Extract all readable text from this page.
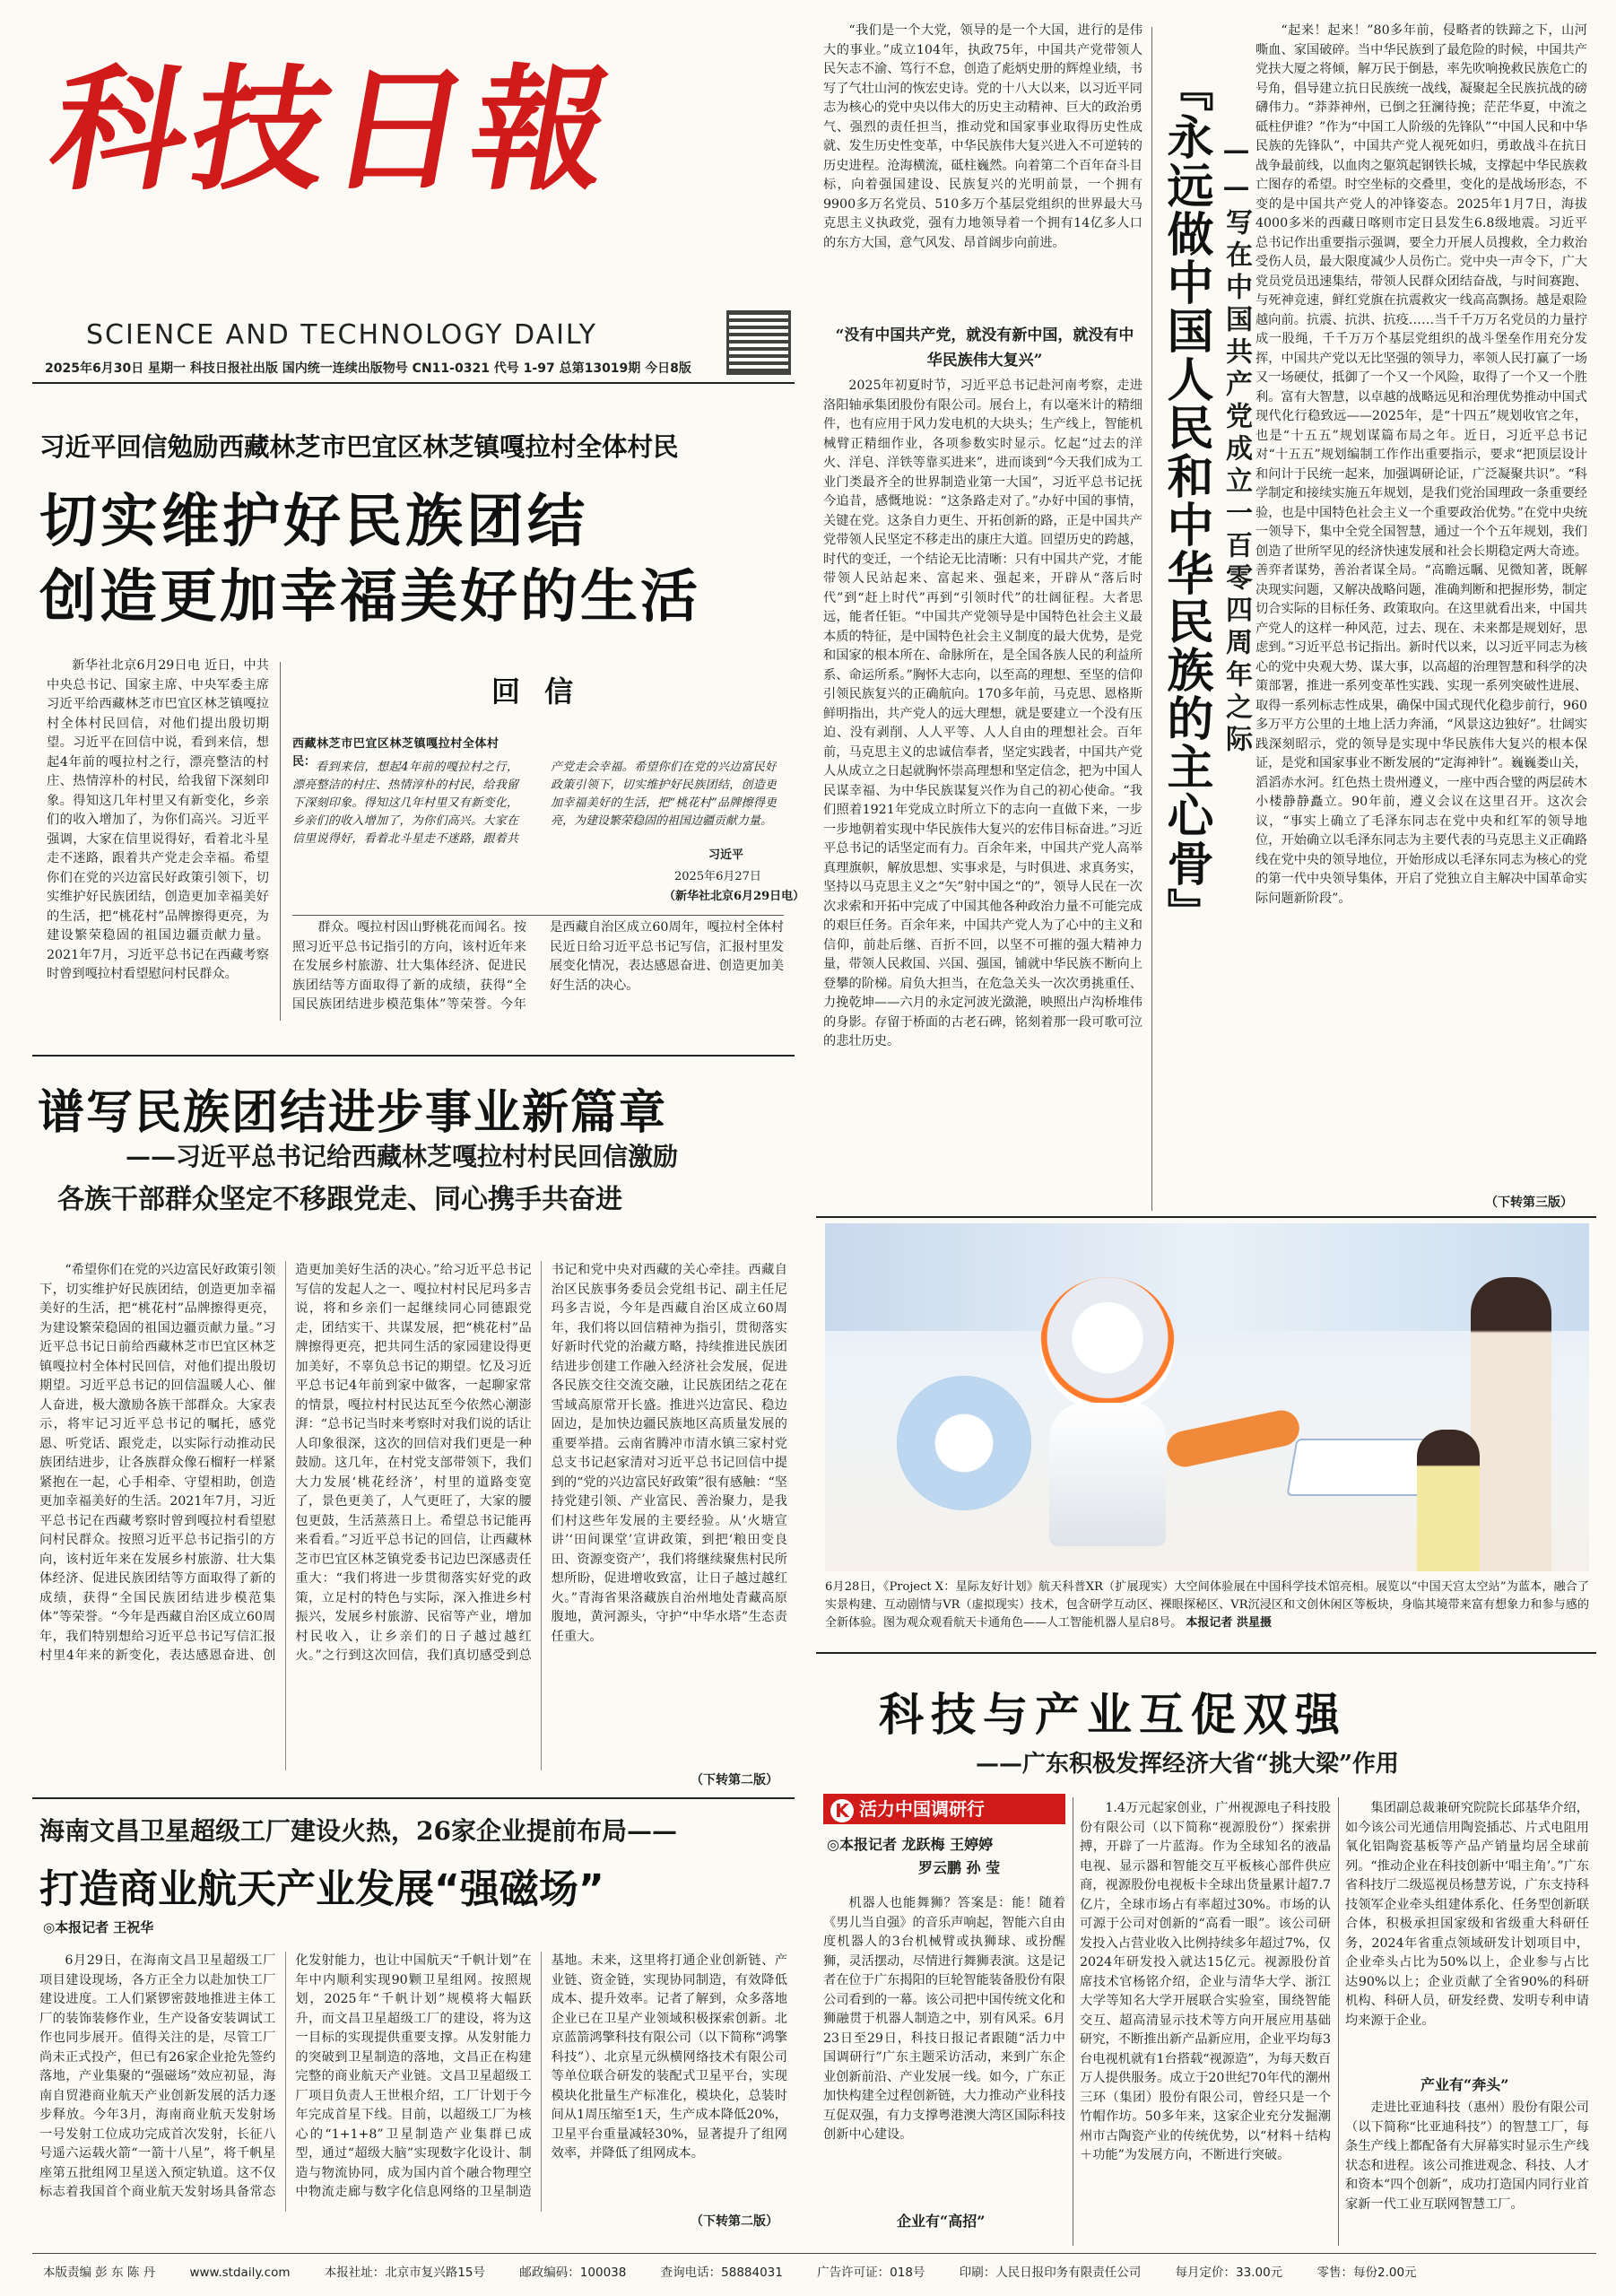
科技日報
SCIENCE AND TECHNOLOGY DAILY
2025年6月30日 星期一 科技日报社出版 国内统一连续出版物号 CN11-0321 代号 1-97 总第13019期 今日8版
习近平回信勉励西藏林芝市巴宜区林芝镇嘎拉村全体村民
切实维护好民族团结
创造更加幸福美好的生活

新华社北京6月29日电 近日，中共中央总书记、国家主席、中央军委主席习近平给西藏林芝市巴宜区林芝镇嘎拉村全体村民回信，对他们提出殷切期望。习近平在回信中说，看到来信，想起4年前的嘎拉村之行，漂亮整洁的村庄、热情淳朴的村民，给我留下深刻印象。得知这几年村里又有新变化，乡亲们的收入增加了，为你们高兴。习近平强调，大家在信里说得好，看着北斗星走不迷路，跟着共产党走会幸福。希望你们在党的兴边富民好政策引领下，切实维护好民族团结，创造更加幸福美好的生活，把“桃花村”品牌擦得更亮，为建设繁荣稳固的祖国边疆贡献力量。2021年7月，习近平总书记在西藏考察时曾到嘎拉村看望慰问村民群众。

回 信
西藏林芝市巴宜区林芝镇嘎拉村全体村民： 看到来信，想起4年前的嘎拉村之行，漂亮整洁的村庄、热情淳朴的村民，给我留下深刻印象。得知这几年村里又有新变化，乡亲们的收入增加了，为你们高兴。大家在信里说得好，看着北斗星走不迷路，跟着共产党走会幸福。希望你们在党的兴边富民好政策引领下，切实维护好民族团结，创造更加幸福美好的生活，把“桃花村”品牌擦得更亮，为建设繁荣稳固的祖国边疆贡献力量。
习近平
2025年6月27日
（新华社北京6月29日电）

群众。嘎拉村因山野桃花而闻名。按照习近平总书记指引的方向，该村近年来在发展乡村旅游、壮大集体经济、促进民族团结等方面取得了新的成绩，获得“全国民族团结进步模范集体”等荣誉。今年是西藏自治区成立60周年，嘎拉村全体村民近日给习近平总书记写信，汇报村里发展变化情况，表达感恩奋进、创造更加美好生活的决心。

谱写民族团结进步事业新篇章
——习近平总书记给西藏林芝嘎拉村村民回信激励
各族干部群众坚定不移跟党走、同心携手共奋进

“希望你们在党的兴边富民好政策引领下，切实维护好民族团结，创造更加幸福美好的生活，把“桃花村”品牌擦得更亮，为建设繁荣稳固的祖国边疆贡献力量。”习近平总书记日前给西藏林芝市巴宜区林芝镇嘎拉村全体村民回信，对他们提出殷切期望。习近平总书记的回信温暖人心、催人奋进，极大激励各族干部群众。大家表示，将牢记习近平总书记的嘱托，感党恩、听党话、跟党走，以实际行动推动民族团结进步，让各族群众像石榴籽一样紧紧抱在一起，心手相牵、守望相助，创造更加幸福美好的生活。2021年7月，习近平总书记在西藏考察时曾到嘎拉村看望慰问村民群众。按照习近平总书记指引的方向，该村近年来在发展乡村旅游、壮大集体经济、促进民族团结等方面取得了新的成绩，获得“全国民族团结进步模范集体”等荣誉。“今年是西藏自治区成立60周年，我们特别想给习近平总书记写信汇报村里4年来的新变化，表达感恩奋进、创造更加美好生活的决心。”给习近平总书记写信的发起人之一、嘎拉村村民尼玛多吉说，将和乡亲们一起继续同心同德跟党走，团结实干、共谋发展，把“桃花村”品牌擦得更亮，把共同生活的家园建设得更加美好，不辜负总书记的期望。忆及习近平总书记4年前到家中做客，一起聊家常的情景，嘎拉村村民达瓦至今依然心潮澎湃：“总书记当时来考察时对我们说的话让人印象很深，这次的回信对我们更是一种鼓励。这几年，在村党支部带领下，我们大力发展‘桃花经济’，村里的道路变宽了，景色更美了，人气更旺了，大家的腰包更鼓，生活蒸蒸日上。希望总书记能再来看看。”习近平总书记的回信，让西藏林芝市巴宜区林芝镇党委书记边巴深感责任重大：“我们将进一步贯彻落实好党的政策，立足村的特色与实际，深入推进乡村振兴，发展乡村旅游、民宿等产业，增加村民收入，让乡亲们的日子越过越红火。”之行到这次回信，我们真切感受到总书记和党中央对西藏的关心牵挂。西藏自治区民族事务委员会党组书记、副主任尼玛多吉说，今年是西藏自治区成立60周年，我们将以回信精神为指引，贯彻落实好新时代党的治藏方略，持续推进民族团结进步创建工作融入经济社会发展，促进各民族交往交流交融，让民族团结之花在雪域高原常开长盛。推进兴边富民、稳边固边，是加快边疆民族地区高质量发展的重要举措。云南省腾冲市清水镇三家村党总支书记赵家清对习近平总书记回信中提到的“党的兴边富民好政策”很有感触：“坚持党建引领、产业富民、善治聚力，是我们村这些年发展的主要经验。从‘火塘宣讲’‘田间课堂’宣讲政策，到把‘粮田变良田、资源变资产’，我们将继续聚焦村民所想所盼，促进增收致富，让日子越过越红火。”青海省果洛藏族自治州地处青藏高原腹地，黄河源头，守护“中华水塔”生态责任重大。

（下转第二版）
海南文昌卫星超级工厂建设火热，26家企业提前布局——
打造商业航天产业发展“强磁场”
◎本报记者 王祝华

6月29日，在海南文昌卫星超级工厂项目建设现场，各方正全力以赴加快工厂建设进度。工人们紧锣密鼓地推进主体工厂的装饰装修作业，生产设备安装调试工作也同步展开。值得关注的是，尽管工厂尚未正式投产，但已有26家企业抢先签约落地，产业集聚的“强磁场”效应初显，海南自贸港商业航天产业创新发展的活力逐步释放。今年3月，海南商业航天发射场一号发射工位成功完成首次发射，长征八号遥六运载火箭“一箭十八星”，将千帆星座第五批组网卫星送入预定轨道。这不仅标志着我国首个商业航天发射场具备常态化发射能力，也让中国航天“千帆计划”在年中内顺利实现90颗卫星组网。按照规划，2025年“千帆计划”规模将大幅跃升，而文昌卫星超级工厂的建设，将为这一目标的实现提供重要支撑。从发射能力的突破到卫星制造的落地，文昌正在构建完整的商业航天产业链。文昌卫星超级工厂项目负责人王世根介绍，工厂计划于今年完成首星下线。目前，以超级工厂为核心的“1+1+8”卫星制造产业集群已成型，通过“超级大脑”实现数字化设计、制造与物流协同，成为国内首个融合物理空中物流走廊与数字化信息网络的卫星制造基地。未来，这里将打通企业创新链、产业链、资金链，实现协同制造，有效降低成本、提升效率。记者了解到，众多落地企业已在卫星产业领域积极探索创新。北京蓝箭鸿擎科技有限公司（以下简称“鸿擎科技”）、北京星元纵横网络技术有限公司等单位联合研发的装配式卫星平台，实现模块化批量生产标准化，模块化，总装时间从1周压缩至1天，生产成本降低20%，卫星平台重量减轻30%，显著提升了组网效率，并降低了组网成本。

（下转第二版）

“我们是一个大党，领导的是一个大国，进行的是伟大的事业。”成立104年，执政75年，中国共产党带领人民矢志不渝、笃行不怠，创造了彪炳史册的辉煌业绩，书写了气壮山河的恢宏史诗。党的十八大以来，以习近平同志为核心的党中央以伟大的历史主动精神、巨大的政治勇气、强烈的责任担当，推动党和国家事业取得历史性成就、发生历史性变革，中华民族伟大复兴进入不可逆转的历史进程。沧海横流，砥柱巍然。向着第二个百年奋斗目标，向着强国建设、民族复兴的光明前景，一个拥有9900多万名党员、510多万个基层党组织的世界最大马克思主义执政党，强有力地领导着一个拥有14亿多人口的东方大国，意气风发、昂首阔步向前进。

“没有中国共产党，就没有新中国，就没有中华民族伟大复兴”

2025年初夏时节，习近平总书记赴河南考察，走进洛阳轴承集团股份有限公司。展台上，有以毫米计的精细件，也有应用于风力发电机的大块头；生产线上，智能机械臂正精细作业，各项参数实时显示。忆起“过去的洋火、洋皂、洋铁等靠买进来”，进而谈到“今天我们成为工业门类最齐全的世界制造业第一大国”，习近平总书记抚今追昔，感慨地说：“这条路走对了。”办好中国的事情，关键在党。这条自力更生、开拓创新的路，正是中国共产党带领人民坚定不移走出的康庄大道。回望历史的跨越，时代的变迁，一个结论无比清晰：只有中国共产党，才能带领人民站起来、富起来、强起来，开辟从“落后时代”到“赶上时代”再到“引领时代”的壮阔征程。大者思远，能者任钜。“中国共产党领导是中国特色社会主义最本质的特征，是中国特色社会主义制度的最大优势，是党和国家的根本所在、命脉所在，是全国各族人民的利益所系、命运所系。”胸怀大志向，以至高的理想、至坚的信仰引领民族复兴的正确航向。170多年前，马克思、恩格斯鲜明指出，共产党人的远大理想，就是要建立一个没有压迫、没有剥削、人人平等、人人自由的理想社会。百年前，马克思主义的忠诚信奉者，坚定实践者，中国共产党人从成立之日起就胸怀崇高理想和坚定信念，把为中国人民谋幸福、为中华民族谋复兴作为自己的初心使命。“我们照着1921年党成立时所立下的志向一直做下来，一步一步地朝着实现中华民族伟大复兴的宏伟目标奋进。”习近平总书记的话坚定而有力。百余年来，中国共产党人高举真理旗帜，解放思想、实事求是，与时俱进、求真务实，坚持以马克思主义之“矢”射中国之“的”，领导人民在一次次求索和开拓中完成了中国其他各种政治力量不可能完成的艰巨任务。百余年来，中国共产党人为了心中的主义和信仰，前赴后继、百折不回，以坚不可摧的强大精神力量，带领人民救国、兴国、强国，铺就中华民族不断向上登攀的阶梯。肩负大担当，在危急关头一次次勇挑重任、力挽乾坤——六月的永定河波光潋滟，映照出卢沟桥堆伟的身影。存留于桥面的古老石碑，铭刻着那一段可歌可泣的悲壮历史。

『永远做中国人民和中华民族的主心骨』 ——写在中国共产党成立一百零四周年之际

“起来！起来！”80多年前，侵略者的铁蹄之下，山河嘶血、家国破碎。当中华民族到了最危险的时候，中国共产党扶大厦之将倾，解万民于倒悬，率先吹响挽救民族危亡的号角，倡导建立抗日民族统一战线，凝聚起全民族抗战的磅礴伟力。“莽莽神州，已倒之狂澜待挽；茫茫华夏，中流之砥柱伊谁？”作为“中国工人阶级的先锋队”“中国人民和中华民族的先锋队”，中国共产党人视死如归，勇敢战斗在抗日战争最前线，以血肉之躯筑起钢铁长城，支撑起中华民族救亡图存的希望。时空坐标的交叠里，变化的是战场形态，不变的是中国共产党人的冲锋姿态。2025年1月7日，海拔4000多米的西藏日喀则市定日县发生6.8级地震。习近平总书记作出重要指示强调，要全力开展人员搜救，全力救治受伤人员，最大限度减少人员伤亡。党中央一声令下，广大党员党员迅速集结，带领人民群众团结奋战，与时间赛跑、与死神竞速，鲜红党旗在抗震救灾一线高高飘扬。越是艰险越向前。抗震、抗洪、抗疫……当千千万万名党员的力量拧成一股绳，千千万万个基层党组织的战斗堡垒作用充分发挥，中国共产党以无比坚强的领导力，率领人民打赢了一场又一场硬仗，抵御了一个又一个风险，取得了一个又一个胜利。富有大智慧，以卓越的战略远见和治理优势推动中国式现代化行稳致远——2025年，是“十四五”规划收官之年，也是“十五五”规划谋篇布局之年。近日，习近平总书记对“十五五”规划编制工作作出重要指示，要求“把顶层设计和问计于民统一起来，加强调研论证，广泛凝聚共识”。“科学制定和接续实施五年规划，是我们党治国理政一条重要经验，也是中国特色社会主义一个重要政治优势。”在党中央统一领导下，集中全党全国智慧，通过一个个五年规划，我们创造了世所罕见的经济快速发展和社会长期稳定两大奇迹。善弈者谋势，善治者谋全局。“高瞻远瞩、见微知著，既解决现实问题，又解决战略问题，准确判断和把握形势，制定切合实际的目标任务、政策取向。在这里就看出来，中国共产党人的这样一种风范，过去、现在、未来都是规划好，思虑到。”习近平总书记指出。新时代以来，以习近平同志为核心的党中央观大势、谋大事，以高超的治理智慧和科学的决策部署，推进一系列变革性实践、实现一系列突破性进展、取得一系列标志性成果，确保中国式现代化稳步前行，960多万平方公里的土地上活力奔涌，“风景这边独好”。壮阔实践深刻昭示，党的领导是实现中华民族伟大复兴的根本保证，是党和国家事业不断发展的“定海神针”。巍巍娄山关，滔滔赤水河。红色热土贵州遵义，一座中西合璧的两层砖木小楼静静矗立。90年前，遵义会议在这里召开。这次会议，“事实上确立了毛泽东同志在党中央和红军的领导地位，开始确立以毛泽东同志为主要代表的马克思主义正确路线在党中央的领导地位，开始形成以毛泽东同志为核心的党的第一代中央领导集体，开启了党独立自主解决中国革命实际问题新阶段”。

（下转第三版）
6月28日，《Project X：星际友好计划》航天科普XR（扩展现实）大空间体验展在中国科学技术馆亮相。展览以“中国天宫太空站”为蓝本，融合了实景构建、互动剧情与VR（虚拟现实）技术，包含研学互动区、裸眼探秘区、VR沉浸区和文创休闲区等板块，身临其境带来富有想象力和参与感的全新体验。图为观众观看航天卡通角色——人工智能机器人星启8号。 本报记者 洪星摄
科技与产业互促双强
——广东积极发挥经济大省“挑大梁”作用
K 活力中国调研行
◎本报记者 龙跃梅 王婷婷
罗云鹏 孙 莹

机器人也能舞狮？答案是：能！随着《男儿当自强》的音乐声响起，智能六自由度机器人的3台机械臂或执狮球、或扮醒狮，灵活摆动，尽情进行舞狮表演。这是记者在位于广东揭阳的巨轮智能装备股份有限公司看到的一幕。该公司把中国传统文化和狮融贯于机器人制造之中，别有风采。6月23日至29日，科技日报记者跟随“活力中国调研行”广东主题采访活动，来到广东企业创新前沿、产业发展一线。如今，广东正加快构建全过程创新链，大力推动产业科技互促双强，有力支撑粤港澳大湾区国际科技创新中心建设。

企业有“高招”

1.4万元起家创业，广州视源电子科技股份有限公司（以下简称“视源股份”）探索拼搏，开辟了一片蓝海。作为全球知名的液晶电视、显示器和智能交互平板核心部件供应商，视源股份电视板卡全球出货量累计超7.7亿片，全球市场占有率超过30%。市场的认可源于公司对创新的“高看一眼”。该公司研发投入占营业收入比例持续多年超过7%，仅2024年研发投入就达15亿元。视源股份首席技术官杨铭介绍，企业与清华大学、浙江大学等知名大学开展联合实验室，围绕智能交互、超高清显示技术等方向开展应用基础研究，不断推出新产品新应用，企业平均每3台电视机就有1台搭载“视源造”，为每天数百万人提供服务。成立于20世纪70年代的潮州三环（集团）股份有限公司，曾经只是一个竹帽作坊。50多年来，这家企业充分发掘潮州市古陶瓷产业的传统优势，以“材料＋结构＋功能”为发展方向，不断进行突破。

集团副总裁兼研究院院长邱基华介绍，如今该公司光通信用陶瓷插芯、片式电阻用氧化铝陶瓷基板等产品产销量均居全球前列。“推动企业在科技创新中‘唱主角’。”广东省科技厅二级巡视员杨慧芳说，广东支持科技领军企业牵头组建体系化、任务型创新联合体，积极承担国家级和省级重大科研任务，2024年省重点领域研发计划项目中，企业牵头占比为50%以上，企业参与占比达90%以上；企业贡献了全省90%的科研机构、科研人员，研发经费、发明专利申请均来源于企业。

产业有“奔头”

走进比亚迪科技（惠州）股份有限公司（以下简称“比亚迪科技”）的智慧工厂，每条生产线上都配备有大屏幕实时显示生产线状态和进程。该公司推进观念、科技、人才和资本“四个创新”，成功打造国内同行业首家新一代工业互联网智慧工厂。

本版责编 彭 东 陈 丹	www.stdaily.com	本报社址：北京市复兴路15号	邮政编码：100038	查询电话：58884031	广告许可证：018号	印刷：人民日报印务有限责任公司	每月定价：33.00元	零售：每份2.00元
